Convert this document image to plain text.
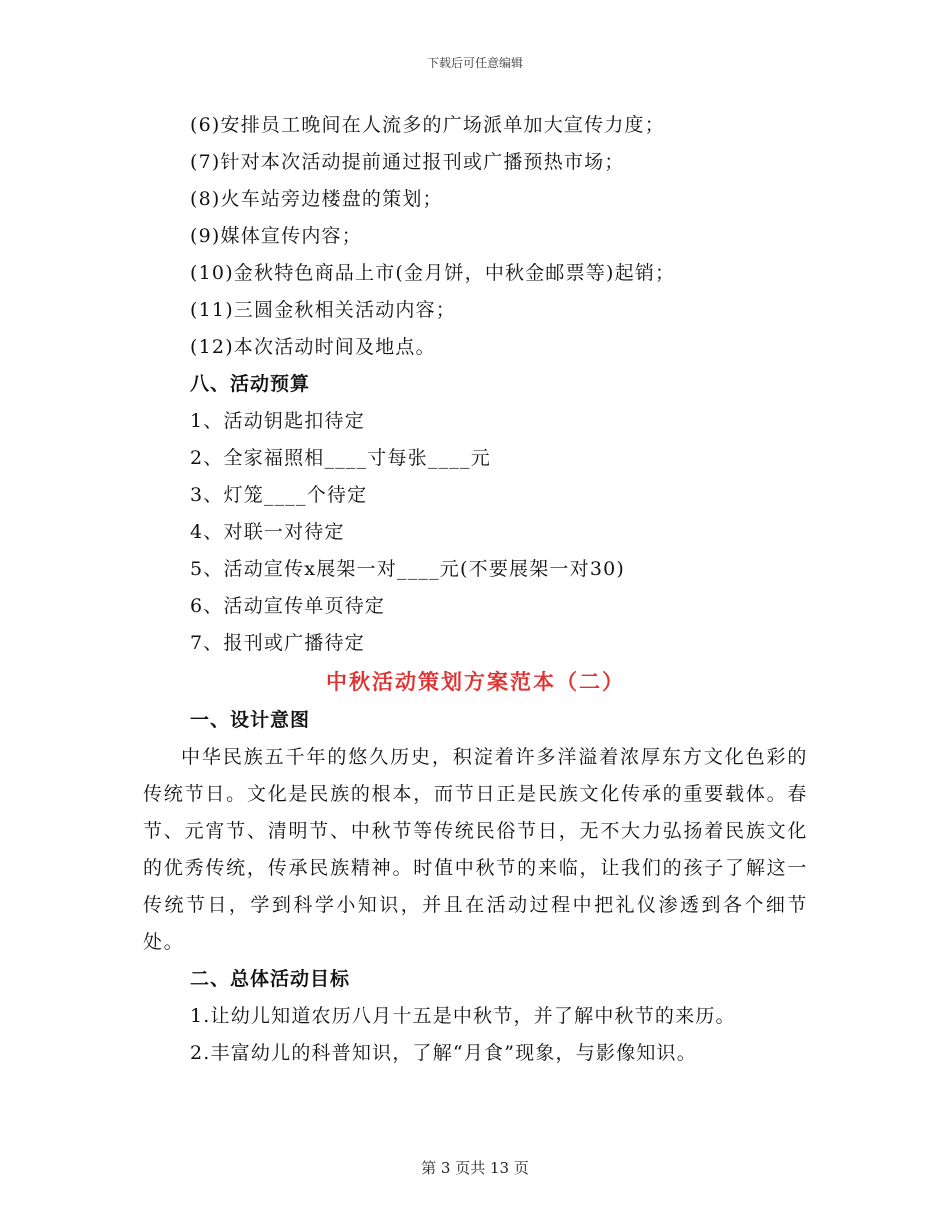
下载后可任意编辑
(6)安排员工晚间在人流多的广场派单加大宣传力度；
(7)针对本次活动提前通过报刊或广播预热市场；
(8)火车站旁边楼盘的策划；
(9)媒体宣传内容；
(10)金秋特色商品上市(金月饼，中秋金邮票等)起销；
(11)三圆金秋相关活动内容；
(12)本次活动时间及地点。
八、活动预算
1、活动钥匙扣待定
2、全家福照相____寸每张____元
3、灯笼____个待定
4、对联一对待定
5、活动宣传x展架一对____元(不要展架一对30)
6、活动宣传单页待定
7、报刊或广播待定
中秋活动策划方案范本（二）
一、设计意图

中华民族五千年的悠久历史，积淀着许多洋溢着浓厚东方文化色彩的传统节日。文化是民族的根本，而节日正是民族文化传承的重要载体。春节、元宵节、清明节、中秋节等传统民俗节日，无不大力弘扬着民族文化的优秀传统，传承民族精神。时值中秋节的来临，让我们的孩子了解这一传统节日，学到科学小知识，并且在活动过程中把礼仪渗透到各个细节处。

二、总体活动目标
1.让幼儿知道农历八月十五是中秋节，并了解中秋节的来历。
2.丰富幼儿的科普知识，了解“月食”现象，与影像知识。
第 3 页共 13 页
